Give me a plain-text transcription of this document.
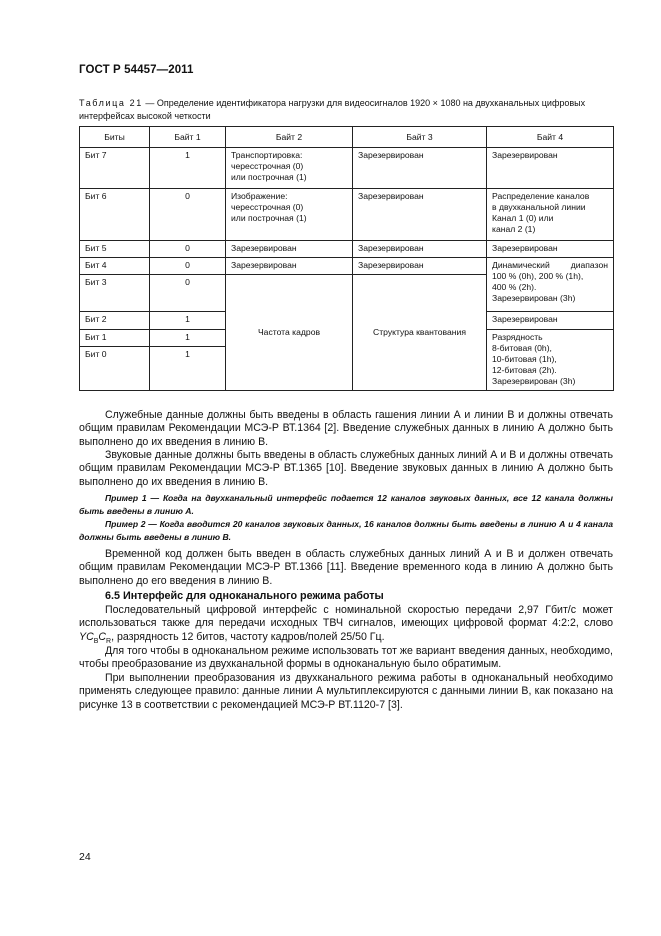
ГОСТ Р 54457—2011
Таблица 21 — Определение идентификатора нагрузки для видеосигналов 1920 × 1080 на двухканальных цифровых интерфейсах высокой четкости
Биты	Байт 1	Байт 2	Байт 3	Байт 4
Бит 7	1	Транспортировка:
чересстрочная (0)
или построчная (1)	Зарезервирован	Зарезервирован
Бит 6	0	Изображение:
чересстрочная (0)
или построчная (1)	Зарезервирован	Распределение каналов
в двухканальной линии
Канал 1 (0) или
канал 2 (1)

Бит 5	0	Зарезервирован	Зарезервирован	Зарезервирован
Бит 4	0	Зарезервирован	Зарезервирован	Динамический диапазон
100 % (0h), 200 % (1h),
400 % (2h).
Зарезервирован (3h)

Бит 3	0	Частота кадров	Структура квантования	
Бит 2	1			Зарезервирован
Бит 1	1			Разрядность
8-битовая (0h),
10-битовая (1h),
12-битовая (2h).
Зарезервирован (3h)

Бит 0	1			
Служебные данные должны быть введены в область гашения линии А и линии В и должны отвечать общим правилам Рекомендации МСЭ-Р ВТ.1364 [2]. Введение служебных данных в линию А должно быть выполнено до их введения в линию В.
Звуковые данные должны быть введены в область служебных данных линий А и В и должны отвечать общим правилам Рекомендации МСЭ-Р ВТ.1365 [10]. Введение звуковых данных в линию А должно быть выполнено до их введения в линию В.
Пример 1 — Когда на двухканальный интерфейс подается 12 каналов звуковых данных, все 12 канала должны быть введены в линию А.
Пример 2 — Когда вводится 20 каналов звуковых данных, 16 каналов должны быть введены в линию А и 4 канала должны быть введены в линию В.
Временной код должен быть введен в область служебных данных линий А и В и должен отвечать общим правилам Рекомендации МСЭ-Р ВТ.1366 [11]. Введение временного кода в линию А должно быть выполнено до его введения в линию В.
6.5 Интерфейс для одноканального режима работы
Последовательный цифровой интерфейс с номинальной скоростью передачи 2,97 Гбит/с может использоваться также для передачи исходных ТВЧ сигналов, имеющих цифровой формат 4:2:2, слово $YC_BC_R$, разрядность 12 битов, частоту кадров/полей 25/50 Гц.
Для того чтобы в одноканальном режиме использовать тот же вариант введения данных, необходимо, чтобы преобразование из двухканальной формы в одноканальную было обратимым.
При выполнении преобразования из двухканального режима работы в одноканальный необходимо применять следующее правило: данные линии А мультиплексируются с данными линии В, как показано на рисунке 13 в соответствии с рекомендацией МСЭ-Р ВТ.1120-7 [3].
24
